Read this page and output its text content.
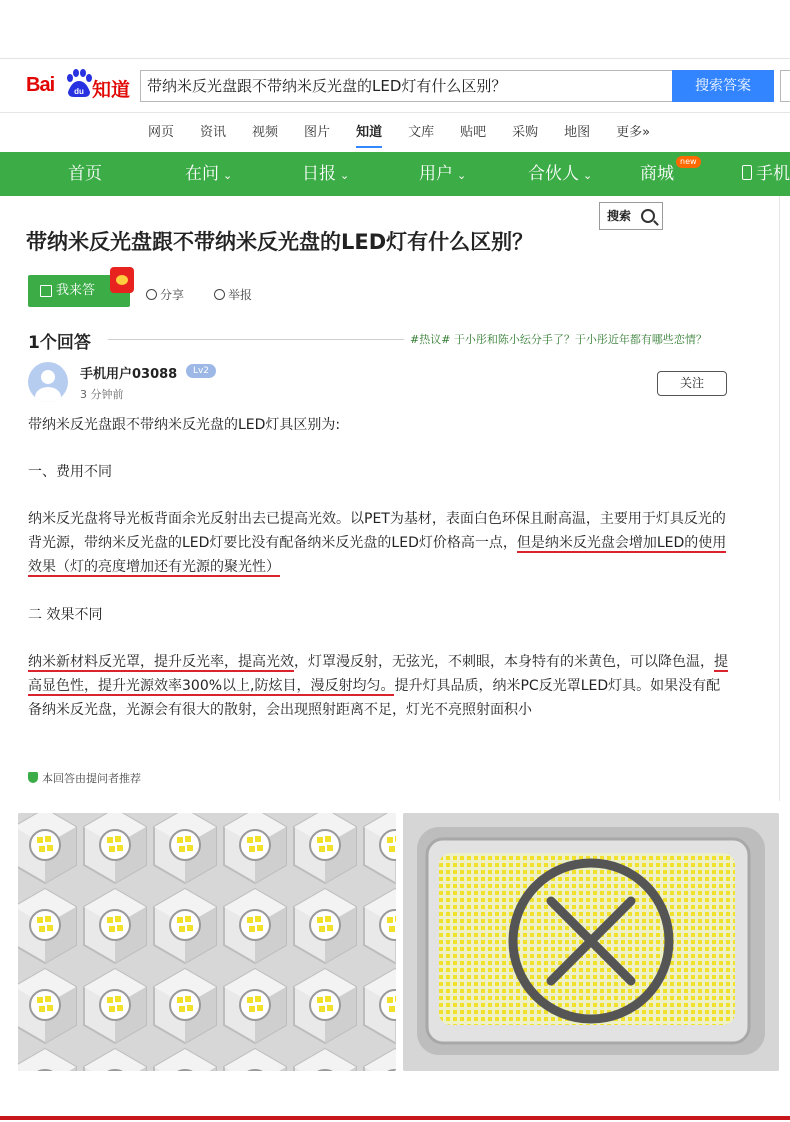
Bai du 知道	带纳米反光盘跟不带纳米反光盘的LED灯有什么区别？	搜索答案
网页 资讯 视频 图片 知道 文库 贴吧 采购 地图 更多»
首页	在问 ⌄	日报 ⌄	用户 ⌄	合伙人 ⌄	商城
new
手机
搜索
带纳米反光盘跟不带纳米反光盘的LED灯有什么区别？
我来答	分享	举报
1个回答	#热议# 于小彤和陈小纭分手了？于小彤近年都有哪些恋情？
手机用户03088	Lv2
3 分钟前
关注
带纳米反光盘跟不带纳米反光盘的LED灯具区别为:
一、费用不同
纳米反光盘将导光板背面余光反射出去已提高光效。以PET为基材，表面白色环保且耐高温，主要用于灯具反光的背光源，带纳米反光盘的LED灯要比没有配备纳米反光盘的LED灯价格高一点，但是纳米反光盘会增加LED的使用效果（灯的亮度增加还有光源的聚光性）
二 效果不同
纳米新材料反光罩，提升反光率，提高光效，灯罩漫反射，无弦光，不刺眼，本身特有的米黄色，可以降色温，提高显色性，提升光源效率300%以上,防炫目，漫反射均匀。提升灯具品质，纳米PC反光罩LED灯具。如果没有配备纳米反光盘，光源会有很大的散射，会出现照射距离不足，灯光不亮照射面积小
本回答由提问者推荐
